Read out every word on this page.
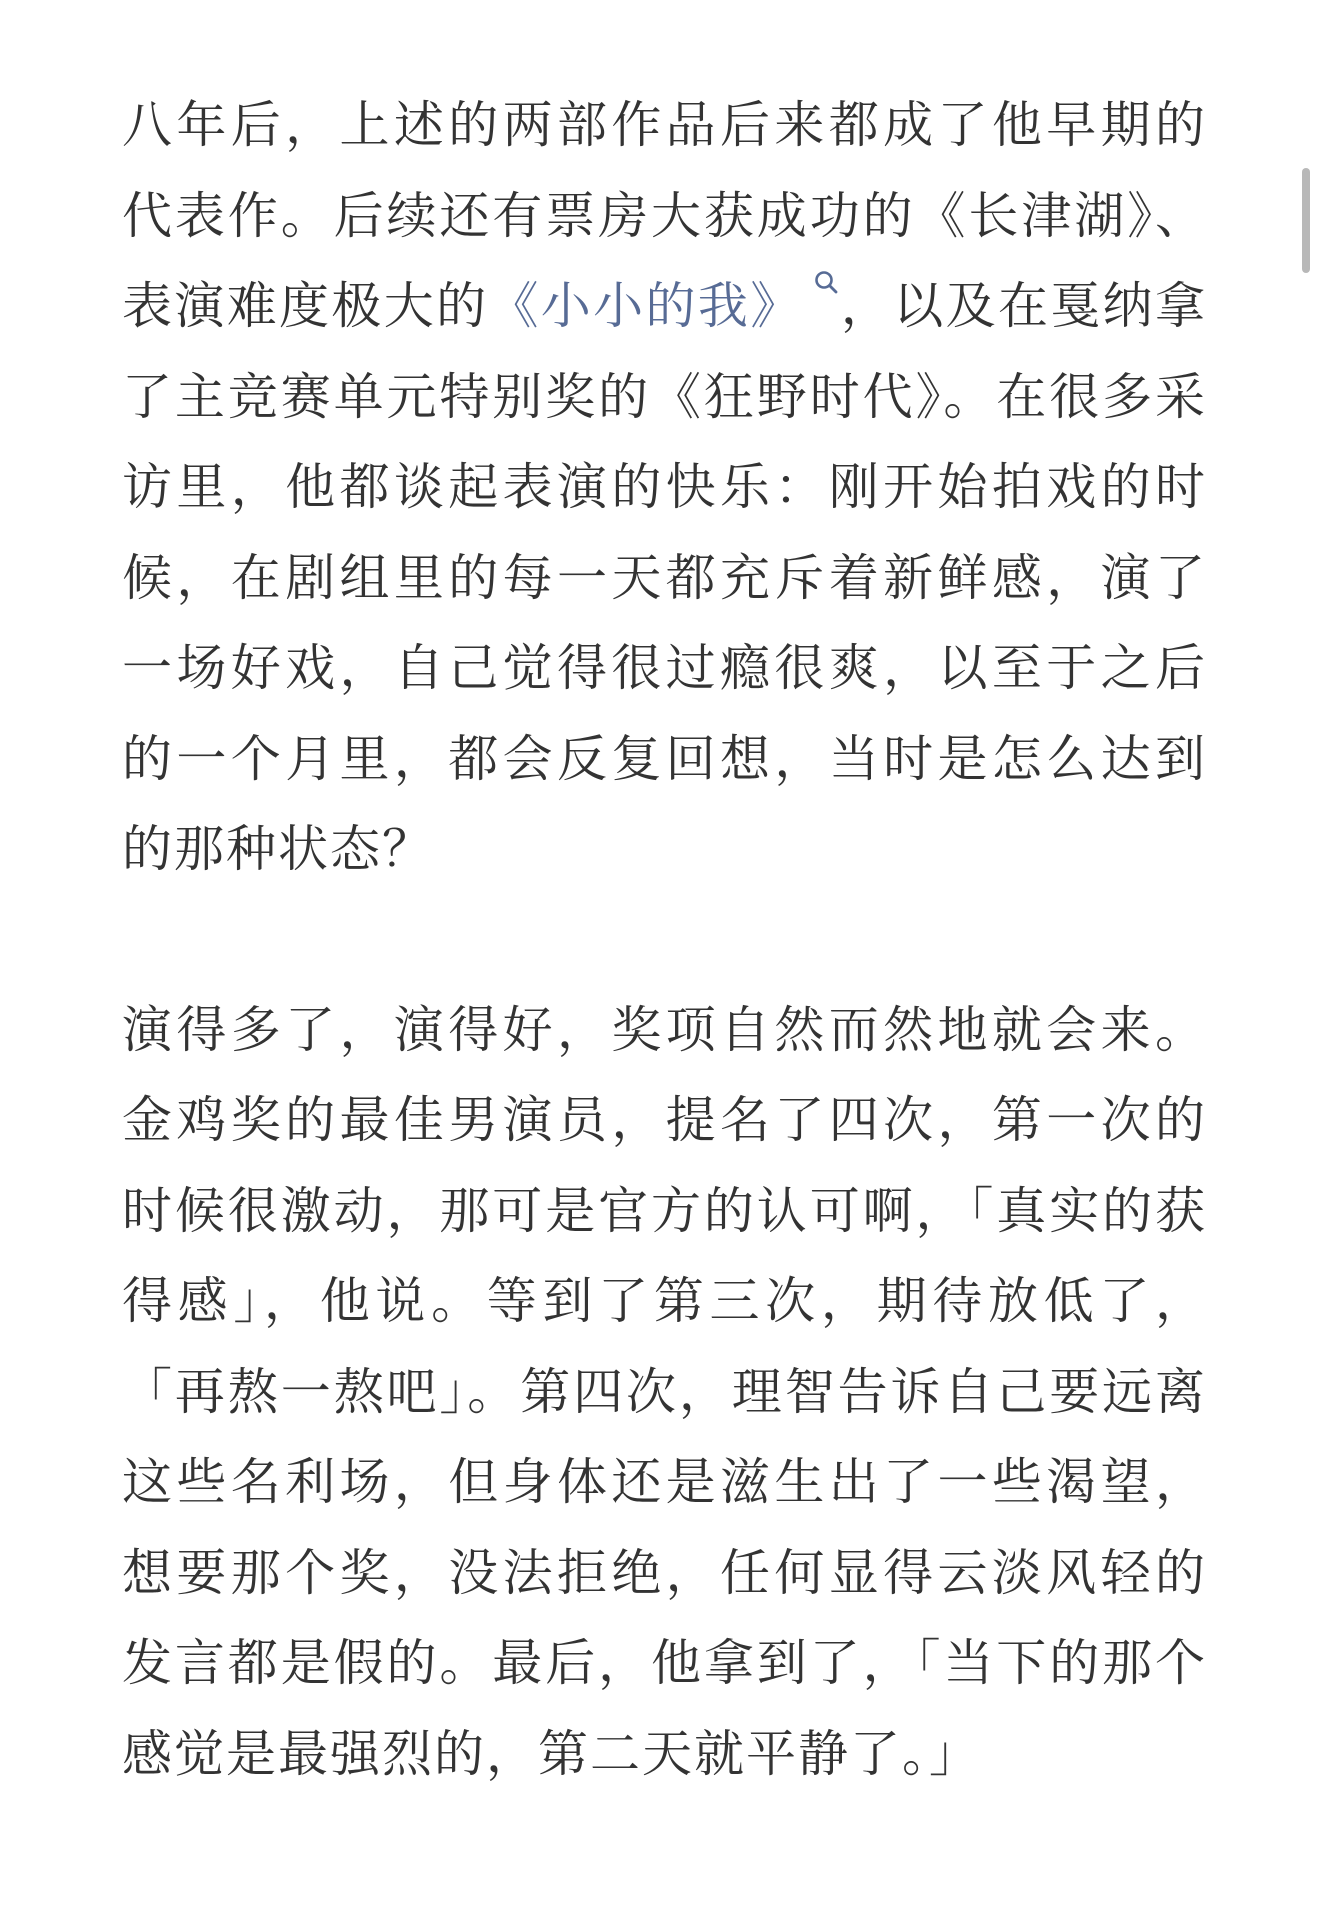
八年后，上述的两部作品后来都成了他早期的代表作。后续还有票房大获成功的《长津湖》、表演难度极大的《小小的我》 ，以及在戛纳拿了主竞赛单元特别奖的《狂野时代》。在很多采访里，他都谈起表演的快乐：刚开始拍戏的时候，在剧组里的每一天都充斥着新鲜感，演了一场好戏，自己觉得很过瘾很爽，以至于之后的一个月里，都会反复回想，当时是怎么达到的那种状态？

演得多了，演得好，奖项自然而然地就会来。金鸡奖的最佳男演员，提名了四次，第一次的时候很激动，那可是官方的认可啊，「真实的获得感」，他说。等到了第三次，期待放低了，「再熬一熬吧」。第四次，理智告诉自己要远离这些名利场，但身体还是滋生出了一些渴望，想要那个奖，没法拒绝，任何显得云淡风轻的发言都是假的。最后，他拿到了，「当下的那个感觉是最强烈的，第二天就平静了。」
